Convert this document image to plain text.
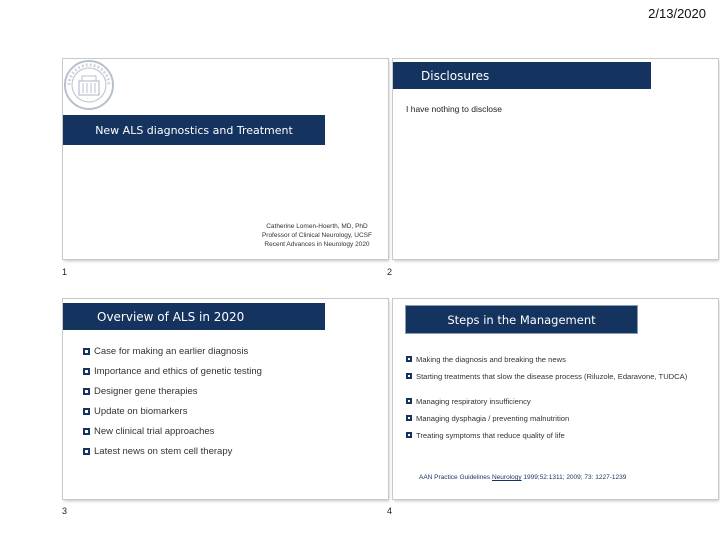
2/13/2020
New ALS diagnostics and Treatment
Catherine Lomen-Hoerth, MD, PhD
Professor of Clinical Neurology, UCSF
Recent Advances in Neurology 2020
1
Disclosures
I have nothing to disclose
2
Overview of ALS in 2020
Case for making an earlier diagnosis
Importance and ethics of genetic testing
Designer gene therapies
Update on biomarkers
New clinical trial approaches
Latest news on stem cell therapy
3
Steps in the Management
Making the diagnosis and breaking the news
Starting treatments that slow the disease process (Riluzole, Edaravone, TUDCA)
Managing respiratory insufficiency
Managing dysphagia / preventing malnutrition
Treating symptoms that reduce quality of life
AAN Practice Guidelines Neurology 1999;52:1311; 2009; 73: 1227-1239
4
